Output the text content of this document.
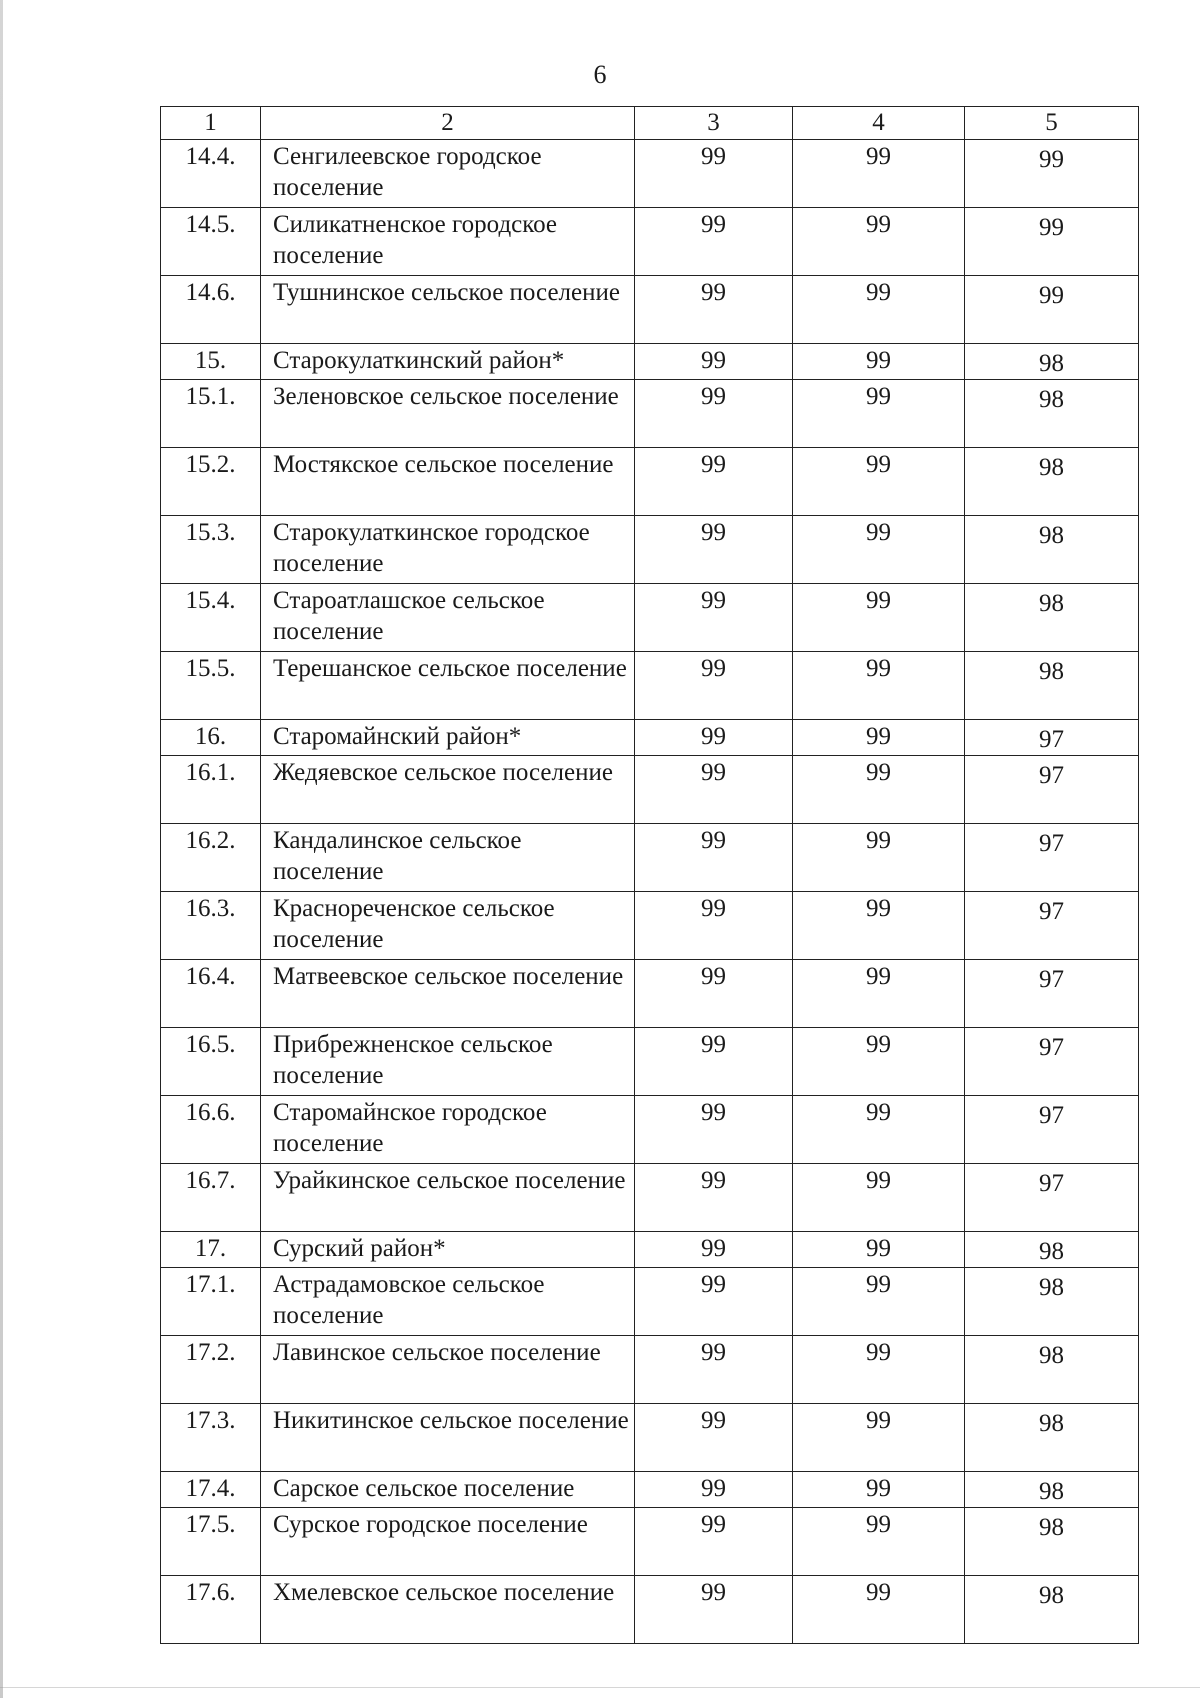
6
1	2	3	4	5
14.4.	Сенгилеевское городское поселение	99	99	99
14.5.	Силикатненское городское поселение	99	99	99
14.6.	Тушнинское сельское поселение	99	99	99
15.	Старокулаткинский район*	99	99	98
15.1.	Зеленовское сельское поселение	99	99	98
15.2.	Мостякское сельское поселение	99	99	98
15.3.	Старокулаткинское городское поселение	99	99	98
15.4.	Староатлашское сельское поселение	99	99	98
15.5.	Терешанское сельское поселение	99	99	98
16.	Старомайнский район*	99	99	97
16.1.	Жедяевское сельское поселение	99	99	97
16.2.	Кандалинское сельское поселение	99	99	97
16.3.	Краснореченское сельское поселение	99	99	97
16.4.	Матвеевское сельское поселение	99	99	97
16.5.	Прибрежненское сельское поселение	99	99	97
16.6.	Старомайнское городское поселение	99	99	97
16.7.	Урайкинское сельское поселение	99	99	97
17.	Сурский район*	99	99	98
17.1.	Астрадамовское сельское поселение	99	99	98
17.2.	Лавинское сельское поселение	99	99	98
17.3.	Никитинское сельское поселение	99	99	98
17.4.	Сарское сельское поселение	99	99	98
17.5.	Сурское городское поселение	99	99	98
17.6.	Хмелевское сельское поселение	99	99	98
